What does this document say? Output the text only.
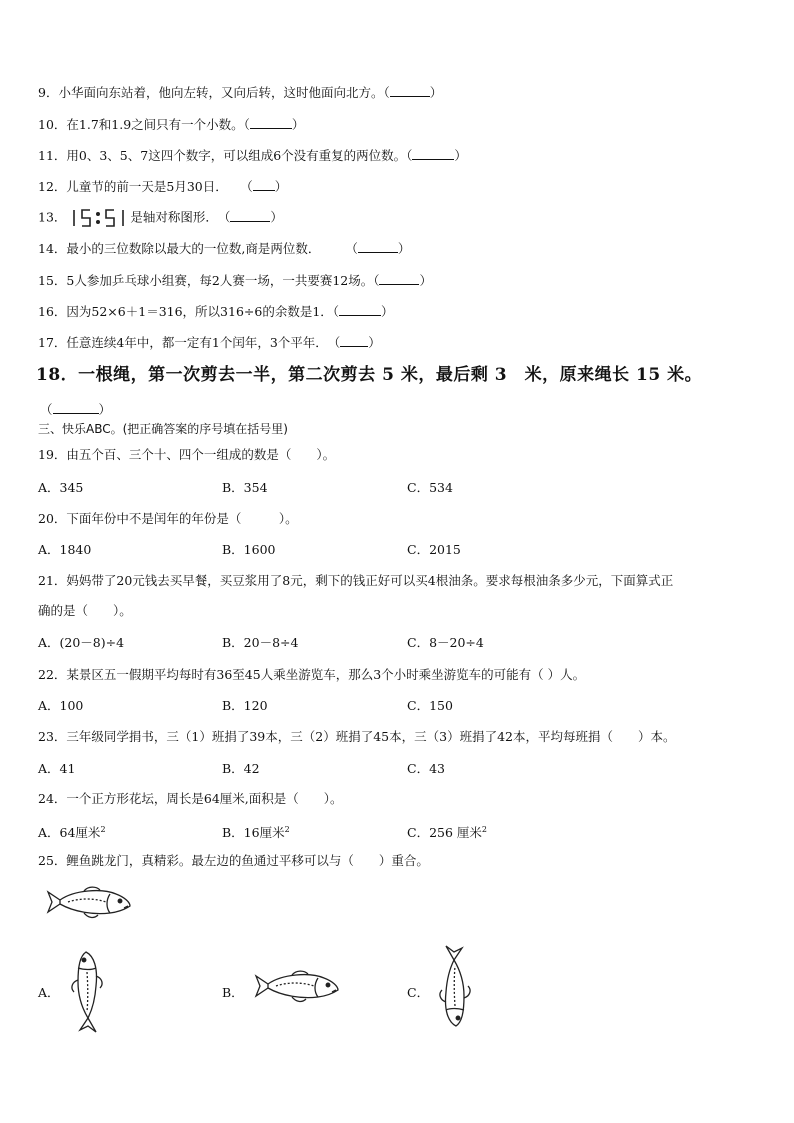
9．小华面向东站着，他向左转，又向后转，这时他面向北方。（	）
10．在1.7和1.9之间只有一个小数。（	）
11．用0、3、5、7这四个数字，可以组成6个没有重复的两位数。（	）
12．儿童节的前一天是5月30日．　　（ ）
13．	是轴对称图形．　（	）
14．最小的三位数除以最大的一位数,商是两位数．　　　（	）
15．5人参加乒乓球小组赛，每2人赛一场，一共要赛12场。（	）
16．因为52×6＋1＝316，所以316÷6的余数是1．（	）
17．任意连续4年中，都一定有1个闰年，3个平年．　（ ）
18．一根绳，第一次剪去一半，第二次剪去 5 米，最后剩 3　米，原来绳长 15 米。
（	）
三、快乐ABC。(把正确答案的序号填在括号里)
19．由五个百、三个十、四个一组成的数是（　　）。
A．345	B．354	C．534
20．下面年份中不是闰年的年份是（　　　）。
A．1840	B．1600	C．2015
21．妈妈带了20元钱去买早餐，买豆浆用了8元，剩下的钱正好可以买4根油条。要求每根油条多少元，下面算式正
确的是（　　）。
A．(20－8)÷4	B．20－8÷4	C．8－20÷4
22．某景区五一假期平均每时有36至45人乘坐游览车，那么3个小时乘坐游览车的可能有（ ）人。
A．100	B．120	C．150
23．三年级同学捐书，三（1）班捐了39本，三（2）班捐了45本，三（3）班捐了42本，平均每班捐（　　）本。
A．41	B．42	C．43
24．一个正方形花坛，周长是64厘米,面积是（　　）。
A．64厘米$^2$	B．16厘米$^2$	C．256 厘米$^2$
25．鲤鱼跳龙门，真精彩。最左边的鱼通过平移可以与（　　）重合。
A．	B．	C．
